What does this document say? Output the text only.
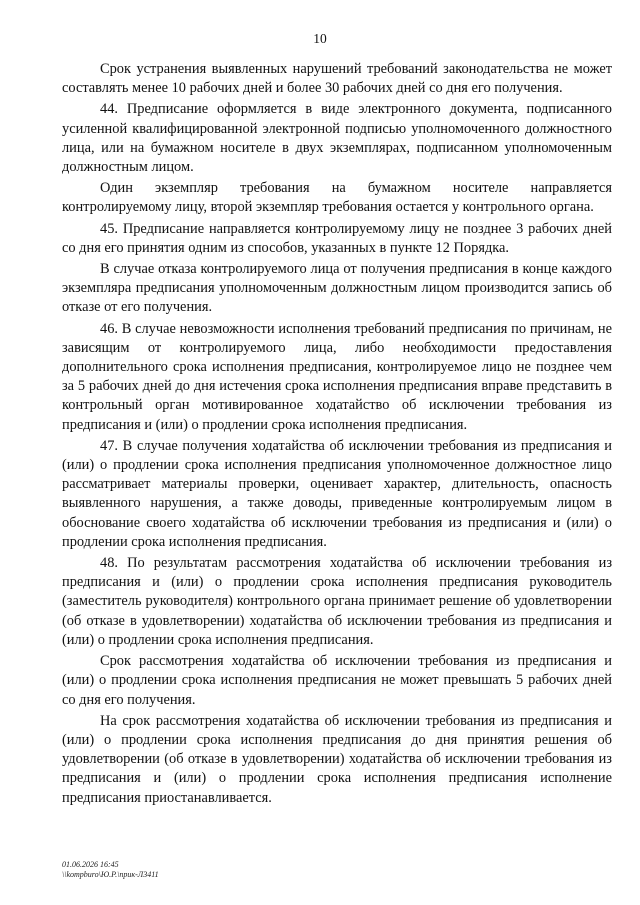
10

Срок устранения выявленных нарушений требований законодательства не может составлять менее 10 рабочих дней и более 30 рабочих дней со дня его получения.

44. Предписание оформляется в виде электронного документа, подписанного усиленной квалифицированной электронной подписью уполномоченного должностного лица, или на бумажном носителе в двух экземплярах, подписанном уполномоченным должностным лицом.

Один экземпляр требования на бумажном носителе направляется контролируемому лицу, второй экземпляр требования остается у контрольного органа.

45. Предписание направляется контролируемому лицу не позднее 3 рабочих дней со дня его принятия одним из способов, указанных в пункте 12 Порядка.

В случае отказа контролируемого лица от получения предписания в конце каждого экземпляра предписания уполномоченным должностным лицом производится запись об отказе от его получения.

46. В случае невозможности исполнения требований предписания по причинам, не зависящим от контролируемого лица, либо необходимости предоставления дополнительного срока исполнения предписания, контролируемое лицо не позднее чем за 5 рабочих дней до дня истечения срока исполнения предписания вправе представить в контрольный орган мотивированное ходатайство об исключении требования из предписания и (или) о продлении срока исполнения предписания.

47. В случае получения ходатайства об исключении требования из предписания и (или) о продлении срока исполнения предписания уполномоченное должностное лицо рассматривает материалы проверки, оценивает характер, длительность, опасность выявленного нарушения, а также доводы, приведенные контролируемым лицом в обоснование своего ходатайства об исключении требования из предписания и (или) о продлении срока исполнения предписания.

48. По результатам рассмотрения ходатайства об исключении требования из предписания и (или) о продлении срока исполнения предписания руководитель (заместитель руководителя) контрольного органа принимает решение об удовлетворении (об отказе в удовлетворении) ходатайства об исключении требования из предписания и (или) о продлении срока исполнения предписания.

Срок рассмотрения ходатайства об исключении требования из предписания и (или) о продлении срока исполнения предписания не может превышать 5 рабочих дней со дня его получения.

На срок рассмотрения ходатайства об исключении требования из предписания и (или) о продлении срока исполнения предписания до дня принятия решения об удовлетворении (об отказе в удовлетворении) ходатайства об исключении требования из предписания и (или) о продлении срока исполнения предписания исполнение предписания приостанавливается.

01.06.2026 16:45
\\kompburo\Ю.Р.\пpuк-Л3411
